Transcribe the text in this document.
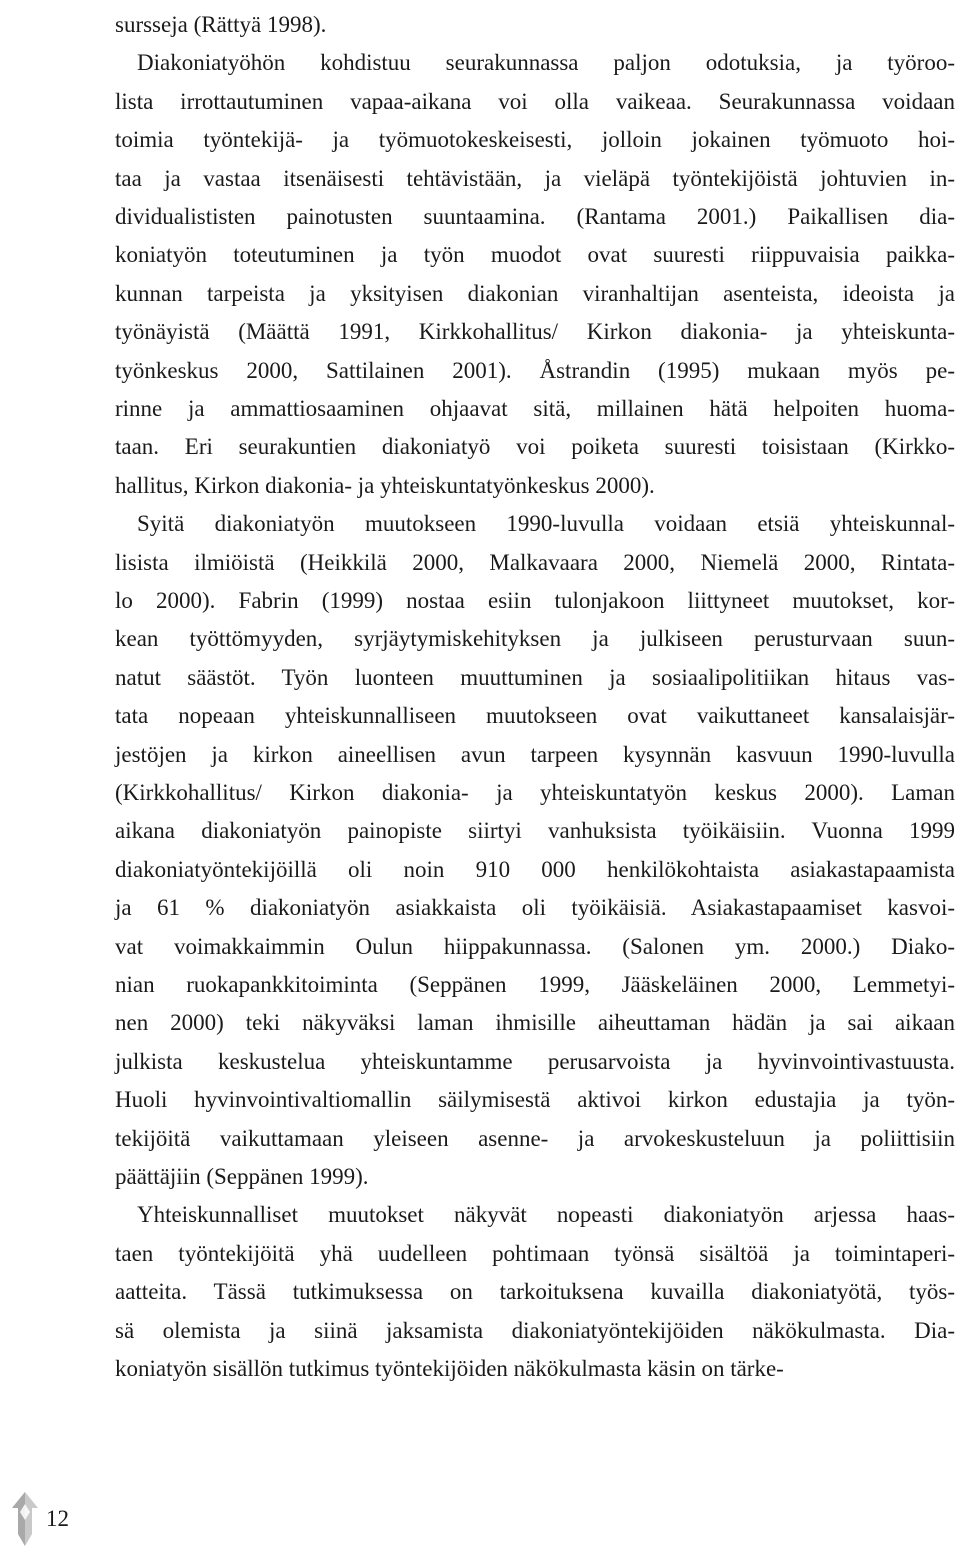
sursseja (Rättyä 1998).
Diakoniatyöhön kohdistuu seurakunnassa paljon odotuksia, ja työroo-
lista irrottautuminen vapaa-aikana voi olla vaikeaa. Seurakunnassa voidaan
toimia työntekijä- ja työmuotokeskeisesti, jolloin jokainen työmuoto hoi-
taa ja vastaa itsenäisesti tehtävistään, ja vieläpä työntekijöistä johtuvien in-
dividualististen painotusten suuntaamina. (Rantama 2001.) Paikallisen dia-
koniatyön toteutuminen ja työn muodot ovat suuresti riippuvaisia paikka-
kunnan tarpeista ja yksityisen diakonian viranhaltijan asenteista, ideoista ja
työnäyistä (Määttä 1991, Kirkkohallitus/ Kirkon diakonia- ja yhteiskunta-
työnkeskus 2000, Sattilainen 2001). Åstrandin (1995) mukaan myös pe-
rinne ja ammattiosaaminen ohjaavat sitä, millainen hätä helpoiten huoma-
taan. Eri seurakuntien diakoniatyö voi poiketa suuresti toisistaan (Kirkko-
hallitus, Kirkon diakonia- ja yhteiskuntatyönkeskus 2000).
Syitä diakoniatyön muutokseen 1990-luvulla voidaan etsiä yhteiskunnal-
lisista ilmiöistä (Heikkilä 2000, Malkavaara 2000, Niemelä 2000, Rintata-
lo 2000). Fabrin (1999) nostaa esiin tulonjakoon liittyneet muutokset, kor-
kean työttömyyden, syrjäytymiskehityksen ja julkiseen perusturvaan suun-
natut säästöt. Työn luonteen muuttuminen ja sosiaalipolitiikan hitaus vas-
tata nopeaan yhteiskunnalliseen muutokseen ovat vaikuttaneet kansalaisjär-
jestöjen ja kirkon aineellisen avun tarpeen kysynnän kasvuun 1990-luvulla
(Kirkkohallitus/ Kirkon diakonia- ja yhteiskuntatyön keskus 2000). Laman
aikana diakoniatyön painopiste siirtyi vanhuksista työikäisiin. Vuonna 1999
diakoniatyöntekijöillä oli noin 910 000 henkilökohtaista asiakastapaamista
ja 61 % diakoniatyön asiakkaista oli työikäisiä. Asiakastapaamiset kasvoi-
vat voimakkaimmin Oulun hiippakunnassa. (Salonen ym. 2000.) Diako-
nian ruokapankkitoiminta (Seppänen 1999, Jääskeläinen 2000, Lemmetyi-
nen 2000) teki näkyväksi laman ihmisille aiheuttaman hädän ja sai aikaan
julkista keskustelua yhteiskuntamme perusarvoista ja hyvinvointivastuusta.
Huoli hyvinvointivaltiomallin säilymisestä aktivoi kirkon edustajia ja työn-
tekijöitä vaikuttamaan yleiseen asenne- ja arvokeskusteluun ja poliittisiin
päättäjiin (Seppänen 1999).
Yhteiskunnalliset muutokset näkyvät nopeasti diakoniatyön arjessa haas-
taen työntekijöitä yhä uudelleen pohtimaan työnsä sisältöä ja toimintaperi-
aatteita. Tässä tutkimuksessa on tarkoituksena kuvailla diakoniatyötä, työs-
sä olemista ja siinä jaksamista diakoniatyöntekijöiden näkökulmasta. Dia-
koniatyön sisällön tutkimus työntekijöiden näkökulmasta käsin on tärke-
12
